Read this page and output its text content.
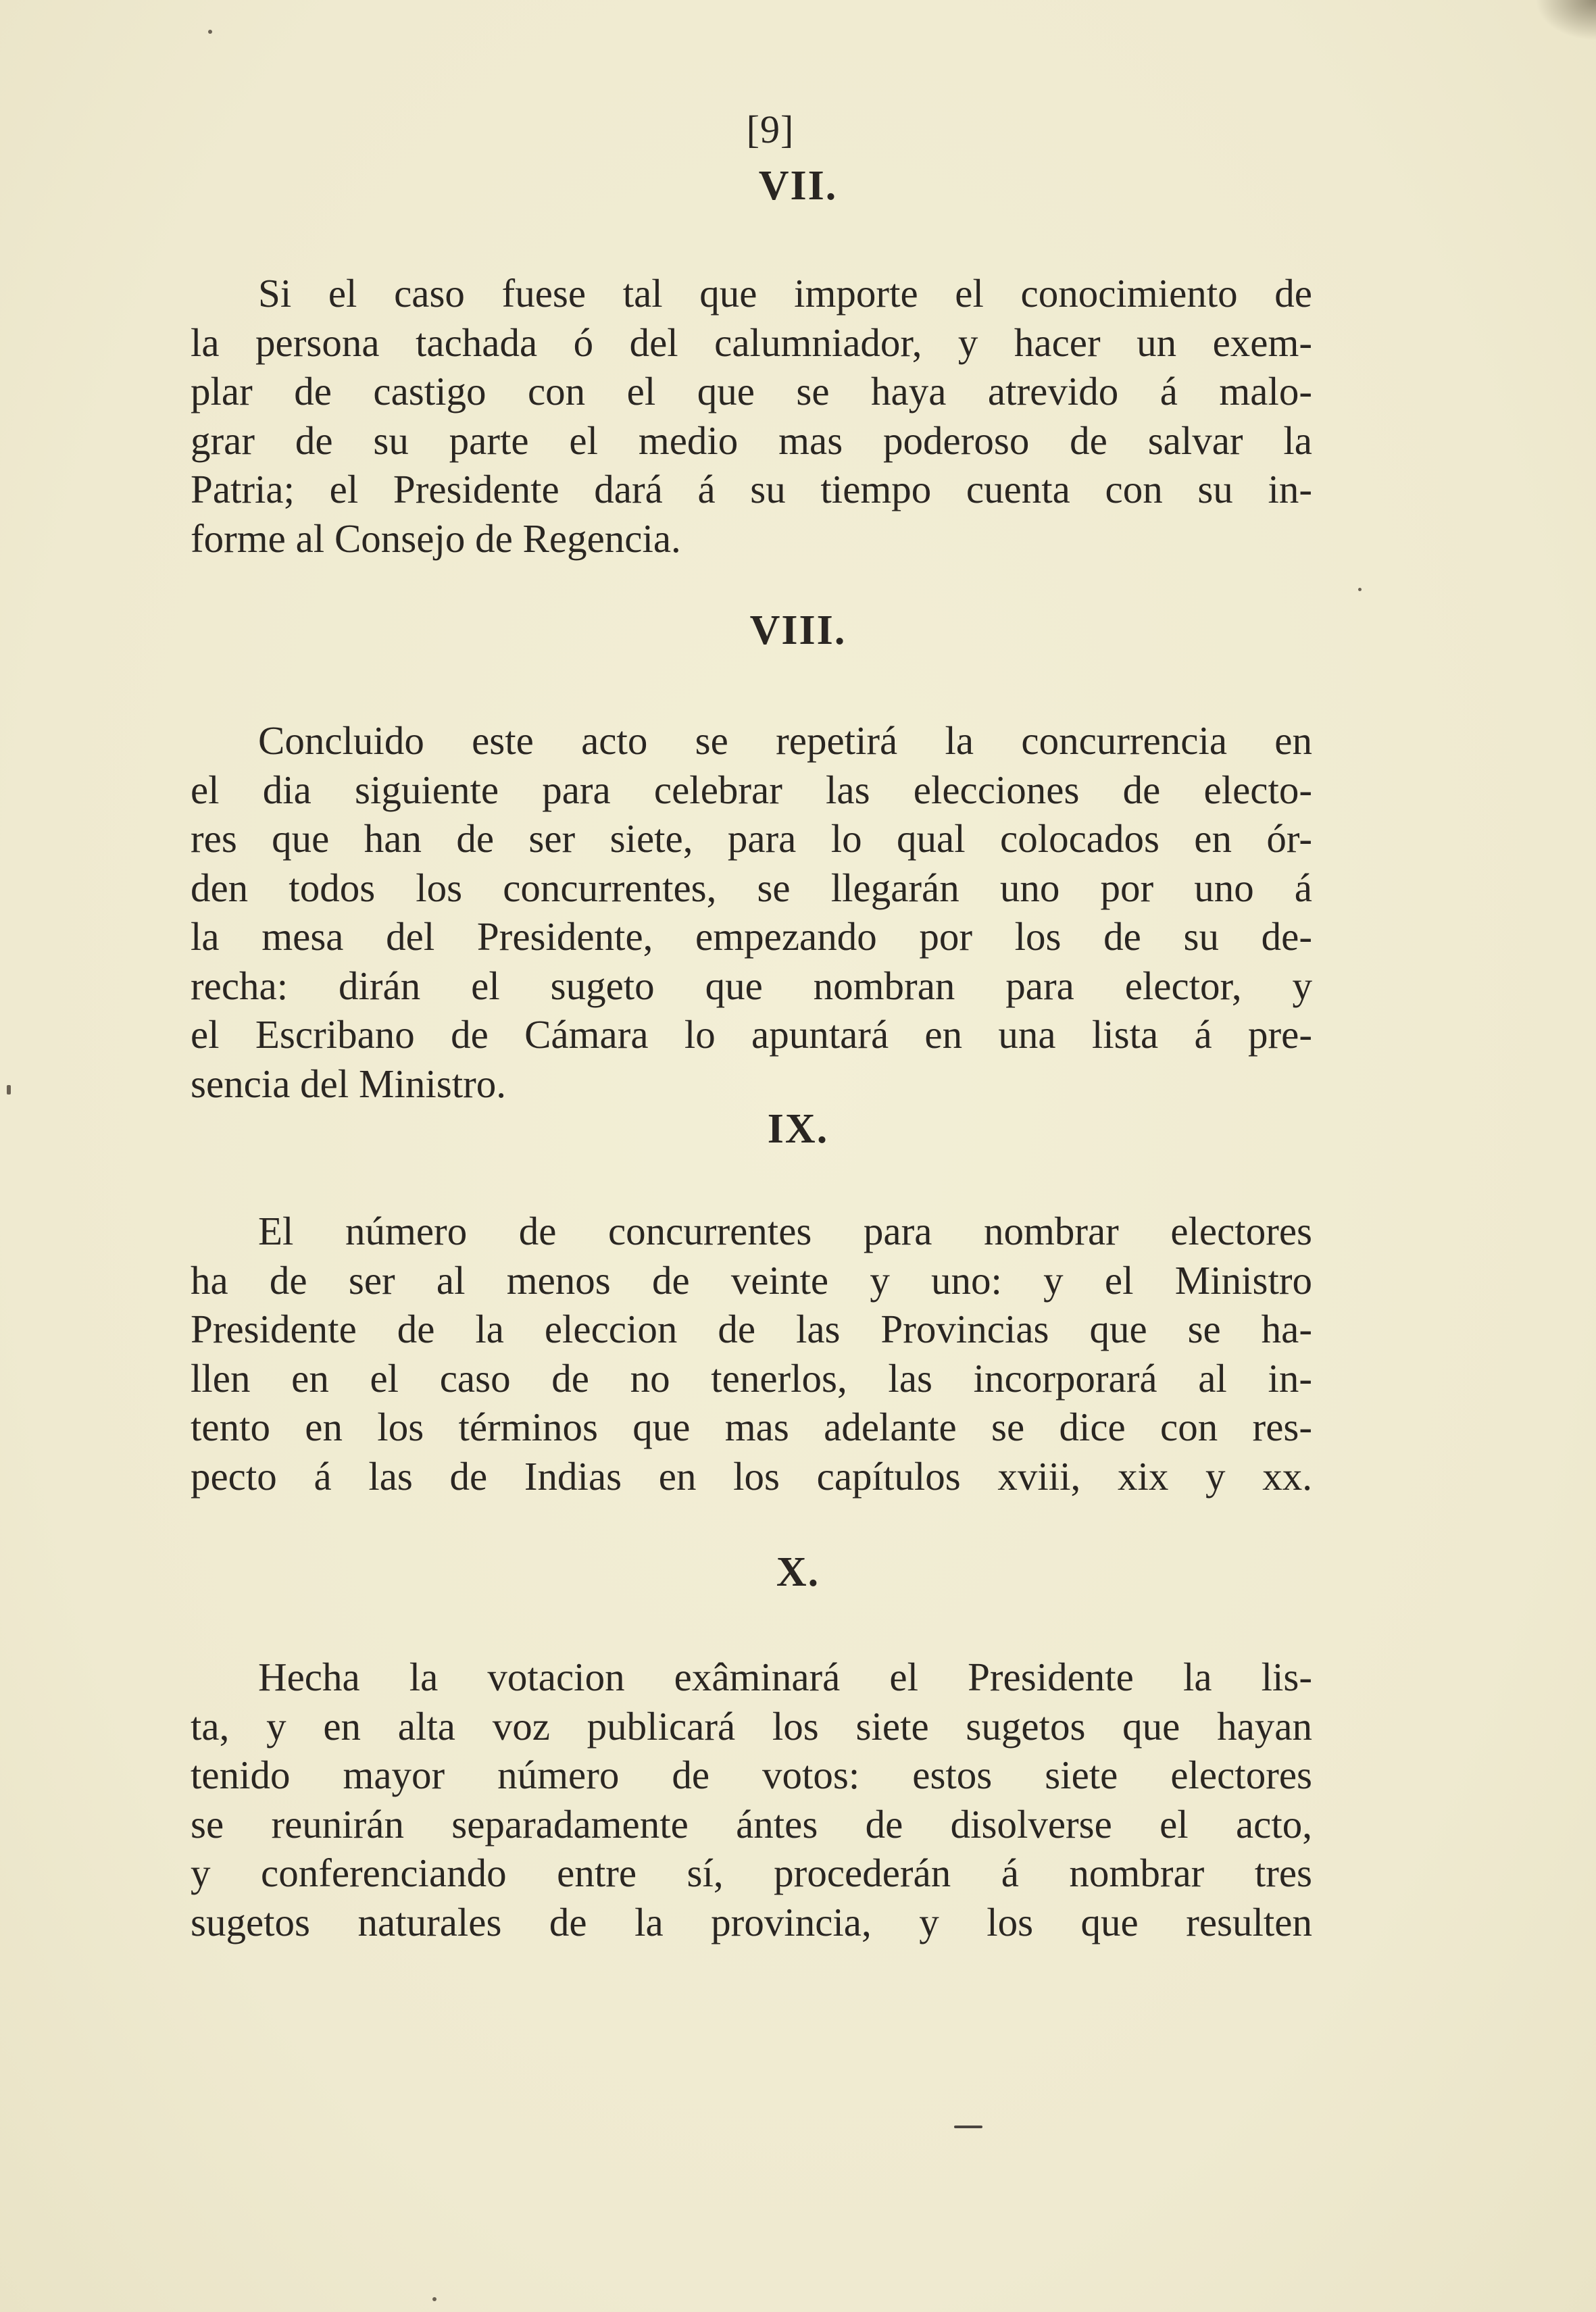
[9]
VII.
Si el caso fuese tal que importe el conocimiento de
la persona tachada ó del calumniador, y hacer un exem-
plar de castigo con el que se haya atrevido á malo-
grar de su parte el medio mas poderoso de salvar la
Patria; el Presidente dará á su tiempo cuenta con su in-
forme al Consejo de Regencia.
VIII.
Concluido este acto se repetirá la concurrencia en
el dia siguiente para celebrar las elecciones de electo-
res que han de ser siete, para lo qual colocados en ór-
den todos los concurrentes, se llegarán uno por uno á
la mesa del Presidente, empezando por los de su de-
recha: dirán el sugeto que nombran para elector, y
el Escribano de Cámara lo apuntará en una lista á pre-
sencia del Ministro.
IX.
El número de concurrentes para nombrar electores
ha de ser al menos de veinte y uno: y el Ministro
Presidente de la eleccion de las Provincias que se ha-
llen en el caso de no tenerlos, las incorporará al in-
tento en los términos que mas adelante se dice con res-
pecto á las de Indias en los capítulos xviii, xix y xx.
X.
Hecha la votacion exâminará el Presidente la lis-
ta, y en alta voz publicará los siete sugetos que hayan
tenido mayor número de votos: estos siete electores
se reunirán separadamente ántes de disolverse el acto,
y conferenciando entre sí, procederán á nombrar tres
sugetos naturales de la provincia, y los que resulten
